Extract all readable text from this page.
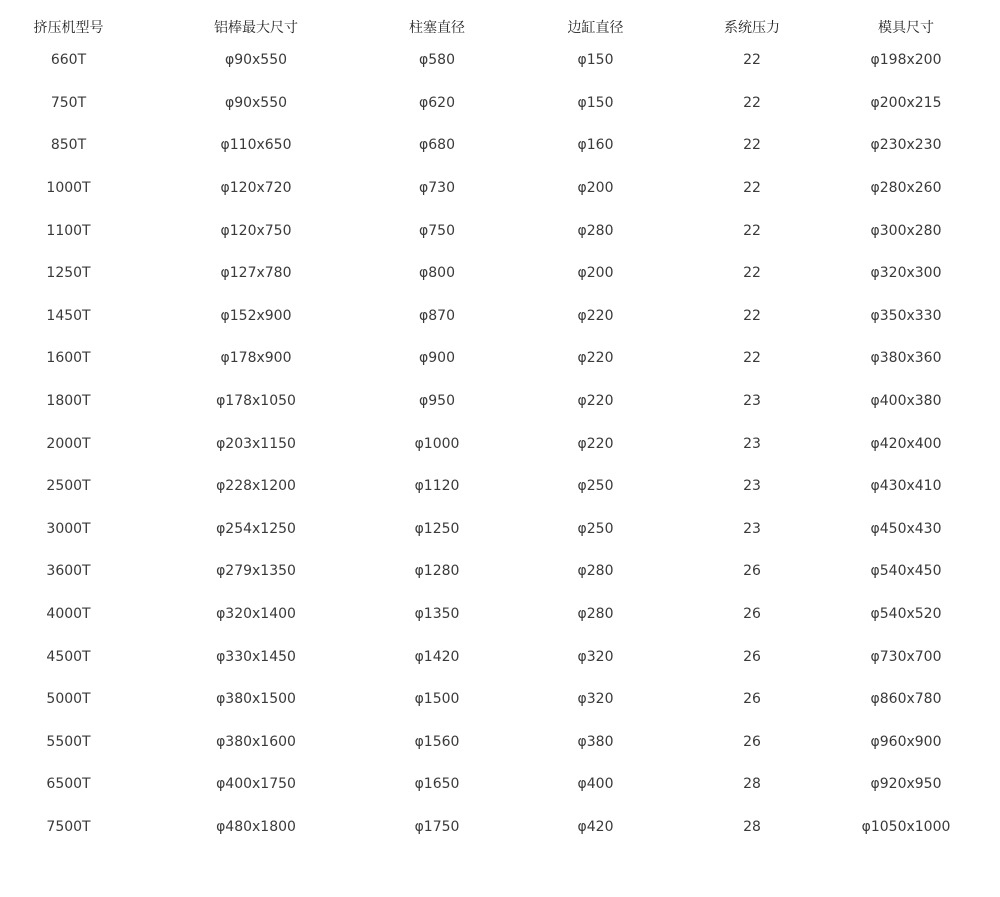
挤压机型号	铝棒最大尺寸	柱塞直径	边缸直径	系统压力	模具尺寸
660T	φ90x550	φ580	φ150	22	φ198x200
750T	φ90x550	φ620	φ150	22	φ200x215
850T	φ110x650	φ680	φ160	22	φ230x230
1000T	φ120x720	φ730	φ200	22	φ280x260
1100T	φ120x750	φ750	φ280	22	φ300x280
1250T	φ127x780	φ800	φ200	22	φ320x300
1450T	φ152x900	φ870	φ220	22	φ350x330
1600T	φ178x900	φ900	φ220	22	φ380x360
1800T	φ178x1050	φ950	φ220	23	φ400x380
2000T	φ203x1150	φ1000	φ220	23	φ420x400
2500T	φ228x1200	φ1120	φ250	23	φ430x410
3000T	φ254x1250	φ1250	φ250	23	φ450x430
3600T	φ279x1350	φ1280	φ280	26	φ540x450
4000T	φ320x1400	φ1350	φ280	26	φ540x520
4500T	φ330x1450	φ1420	φ320	26	φ730x700
5000T	φ380x1500	φ1500	φ320	26	φ860x780
5500T	φ380x1600	φ1560	φ380	26	φ960x900
6500T	φ400x1750	φ1650	φ400	28	φ920x950
7500T	φ480x1800	φ1750	φ420	28	φ1050x1000
